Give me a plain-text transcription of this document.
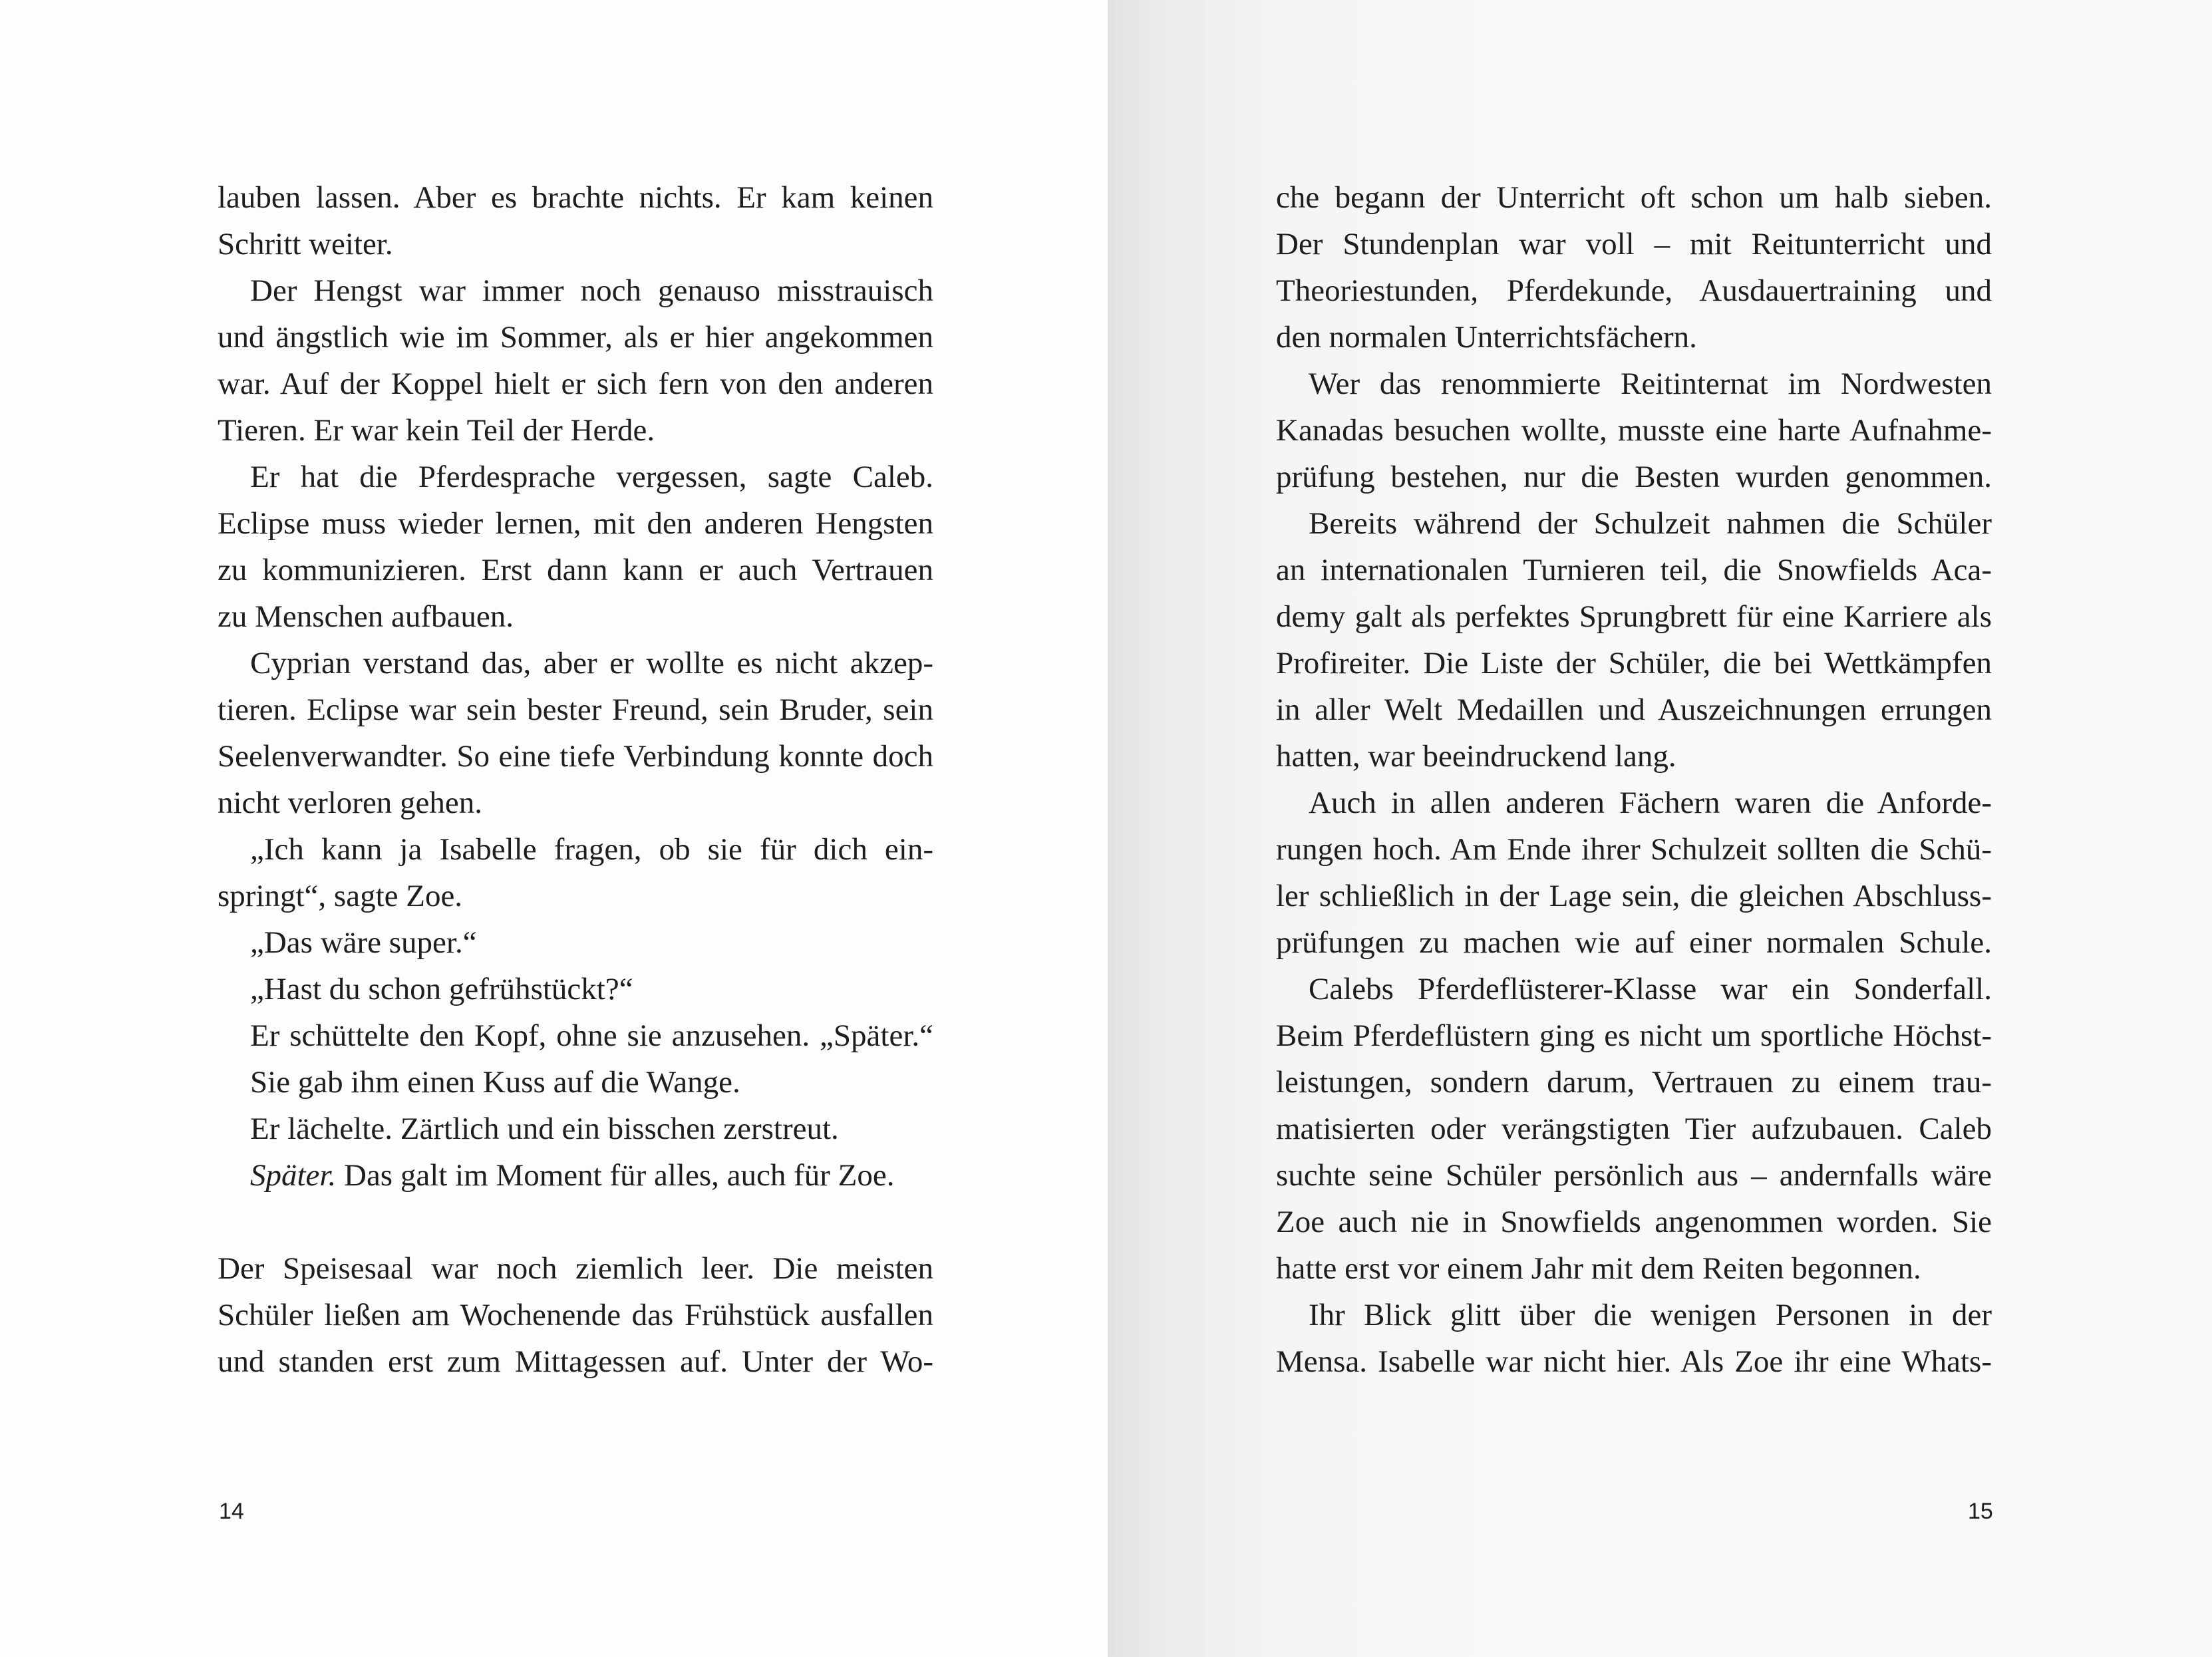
lauben lassen. Aber es brachte nichts. Er kam keinen
Schritt weiter.
Der Hengst war immer noch genauso misstrauisch
und ängstlich wie im Sommer, als er hier angekommen
war. Auf der Koppel hielt er sich fern von den anderen
Tieren. Er war kein Teil der Herde.
Er hat die Pferdesprache vergessen, sagte Caleb.
Eclipse muss wieder lernen, mit den anderen Hengsten
zu kommunizieren. Erst dann kann er auch Vertrauen
zu Menschen aufbauen.
Cyprian verstand das, aber er wollte es nicht akzep-
tieren. Eclipse war sein bester Freund, sein Bruder, sein
Seelenverwandter. So eine tiefe Verbindung konnte doch
nicht verloren gehen.
„Ich kann ja Isabelle fragen, ob sie für dich ein-
springt“, sagte Zoe.
„Das wäre super.“
„Hast du schon gefrühstückt?“
Er schüttelte den Kopf, ohne sie anzusehen. „Später.“
Sie gab ihm einen Kuss auf die Wange.
Er lächelte. Zärtlich und ein bisschen zerstreut.
Später. Das galt im Moment für alles, auch für Zoe.
Der Speisesaal war noch ziemlich leer. Die meisten
Schüler ließen am Wochenende das Frühstück ausfallen
und standen erst zum Mittagessen auf. Unter der Wo-
14
che begann der Unterricht oft schon um halb sieben.
Der Stundenplan war voll – mit Reitunterricht und
Theoriestunden, Pferdekunde, Ausdauertraining und
den normalen Unterrichtsfächern.
Wer das renommierte Reitinternat im Nordwesten
Kanadas besuchen wollte, musste eine harte Aufnahme-
prüfung bestehen, nur die Besten wurden genommen.
Bereits während der Schulzeit nahmen die Schüler
an internationalen Turnieren teil, die Snowfields Aca-
demy galt als perfektes Sprungbrett für eine Karriere als
Profireiter. Die Liste der Schüler, die bei Wettkämpfen
in aller Welt Medaillen und Auszeichnungen errungen
hatten, war beeindruckend lang.
Auch in allen anderen Fächern waren die Anforde-
rungen hoch. Am Ende ihrer Schulzeit sollten die Schü-
ler schließlich in der Lage sein, die gleichen Abschluss-
prüfungen zu machen wie auf einer normalen Schule.
Calebs Pferdeflüsterer-Klasse war ein Sonderfall.
Beim Pferdeflüstern ging es nicht um sportliche Höchst-
leistungen, sondern darum, Vertrauen zu einem trau-
matisierten oder verängstigten Tier aufzubauen. Caleb
suchte seine Schüler persönlich aus – andernfalls wäre
Zoe auch nie in Snowfields angenommen worden. Sie
hatte erst vor einem Jahr mit dem Reiten begonnen.
Ihr Blick glitt über die wenigen Personen in der
Mensa. Isabelle war nicht hier. Als Zoe ihr eine Whats-
15
